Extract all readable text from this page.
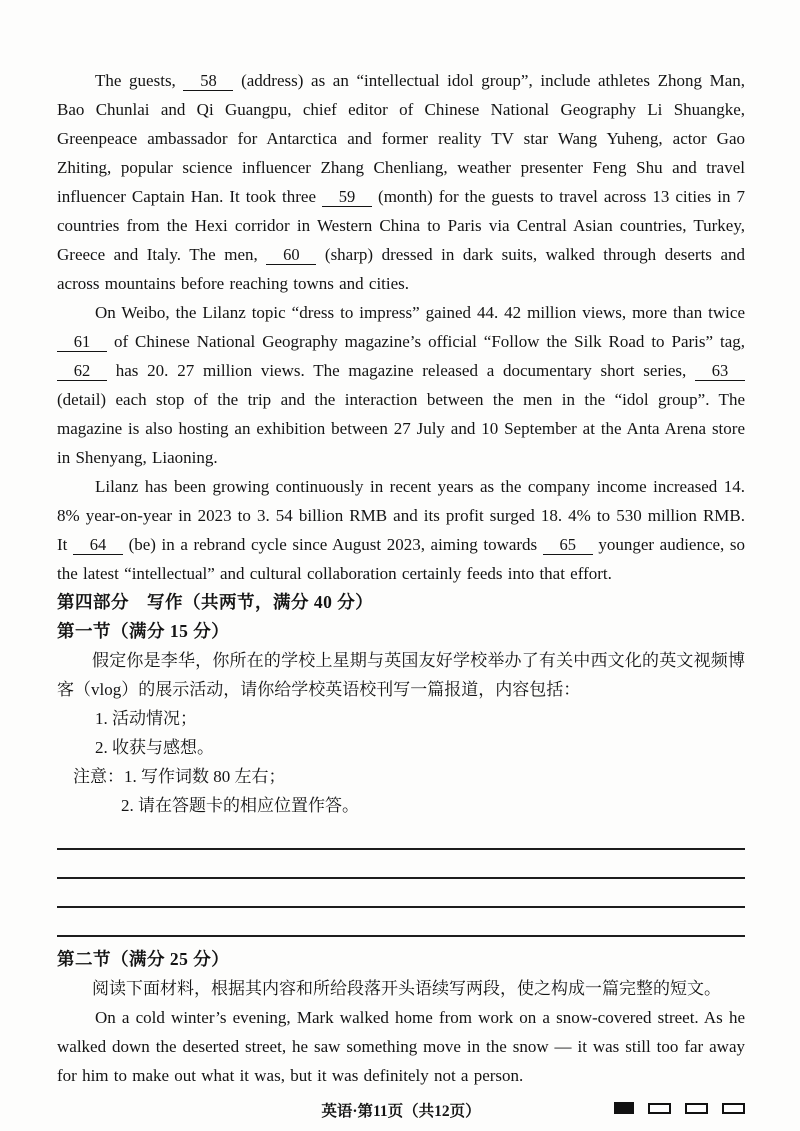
The guests, 58 (address) as an “intellectual idol group”, include athletes Zhong Man, Bao Chunlai and Qi Guangpu, chief editor of Chinese National Geography Li Shuangke, Greenpeace ambassador for Antarctica and former reality TV star Wang Yuheng, actor Gao Zhiting, popular science influencer Zhang Chenliang, weather presenter Feng Shu and travel influencer Captain Han. It took three 59 (month) for the guests to travel across 13 cities in 7 countries from the Hexi corridor in Western China to Paris via Central Asian countries, Turkey, Greece and Italy. The men, 60 (sharp) dressed in dark suits, walked through deserts and across mountains before reaching towns and cities.

On Weibo, the Lilanz topic “dress to impress” gained 44. 42 million views, more than twice 61 of Chinese National Geography magazine’s official “Follow the Silk Road to Paris” tag, 62 has 20. 27 million views. The magazine released a documentary short series, 63 (detail) each stop of the trip and the interaction between the men in the “idol group”. The magazine is also hosting an exhibition between 27 July and 10 September at the Anta Arena store in Shenyang, Liaoning.

Lilanz has been growing continuously in recent years as the company income increased 14. 8% year-on-year in 2023 to 3. 54 billion RMB and its profit surged 18. 4% to 530 million RMB. It 64 (be) in a rebrand cycle since August 2023, aiming towards 65 younger audience, so the latest “intellectual” and cultural collaboration certainly feeds into that effort.

第四部分　写作（共两节，满分 40 分）

第一节（满分 15 分）

假定你是李华，你所在的学校上星期与英国友好学校举办了有关中西文化的英文视频博客（vlog）的展示活动，请你给学校英语校刊写一篇报道，内容包括：

1. 活动情况；

2. 收获与感想。

注意：1. 写作词数 80 左右；

2. 请在答题卡的相应位置作答。

第二节（满分 25 分）

阅读下面材料，根据其内容和所给段落开头语续写两段，使之构成一篇完整的短文。

On a cold winter’s evening, Mark walked home from work on a snow-covered street. As he walked down the deserted street, he saw something move in the snow — it was still too far away for him to make out what it was, but it was definitely not a person.

英语·第11页（共12页）
